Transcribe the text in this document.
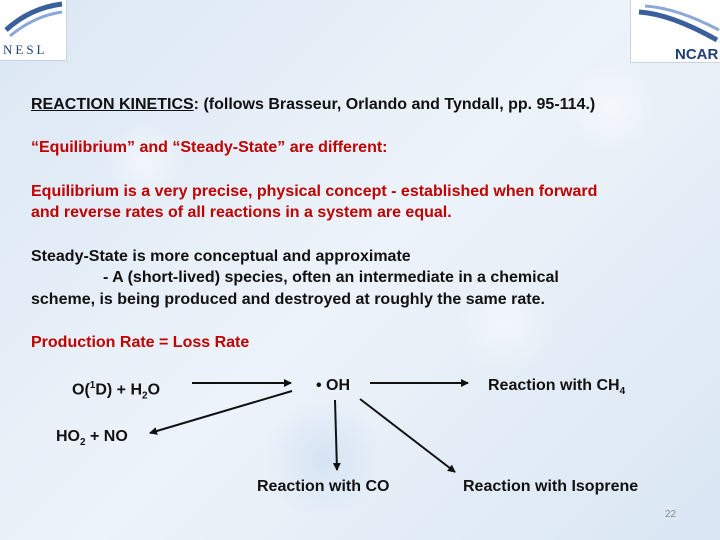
NESL	NCAR
REACTION KINETICS: (follows Brasseur, Orlando and Tyndall, pp. 95-114.)
“Equilibrium” and “Steady-State” are different:
Equilibrium is a very precise, physical concept - established when forward
and reverse rates of all reactions in a system are equal.
Steady-State is more conceptual and approximate
- A (short-lived) species, often an intermediate in a chemical
scheme, is being produced and destroyed at roughly the same rate.
Production Rate = Loss Rate
$O(^1D) + H_2O$	• OH	Reaction with $CH_4$
$HO_2$ + NO
Reaction with CO	Reaction with Isoprene
22
